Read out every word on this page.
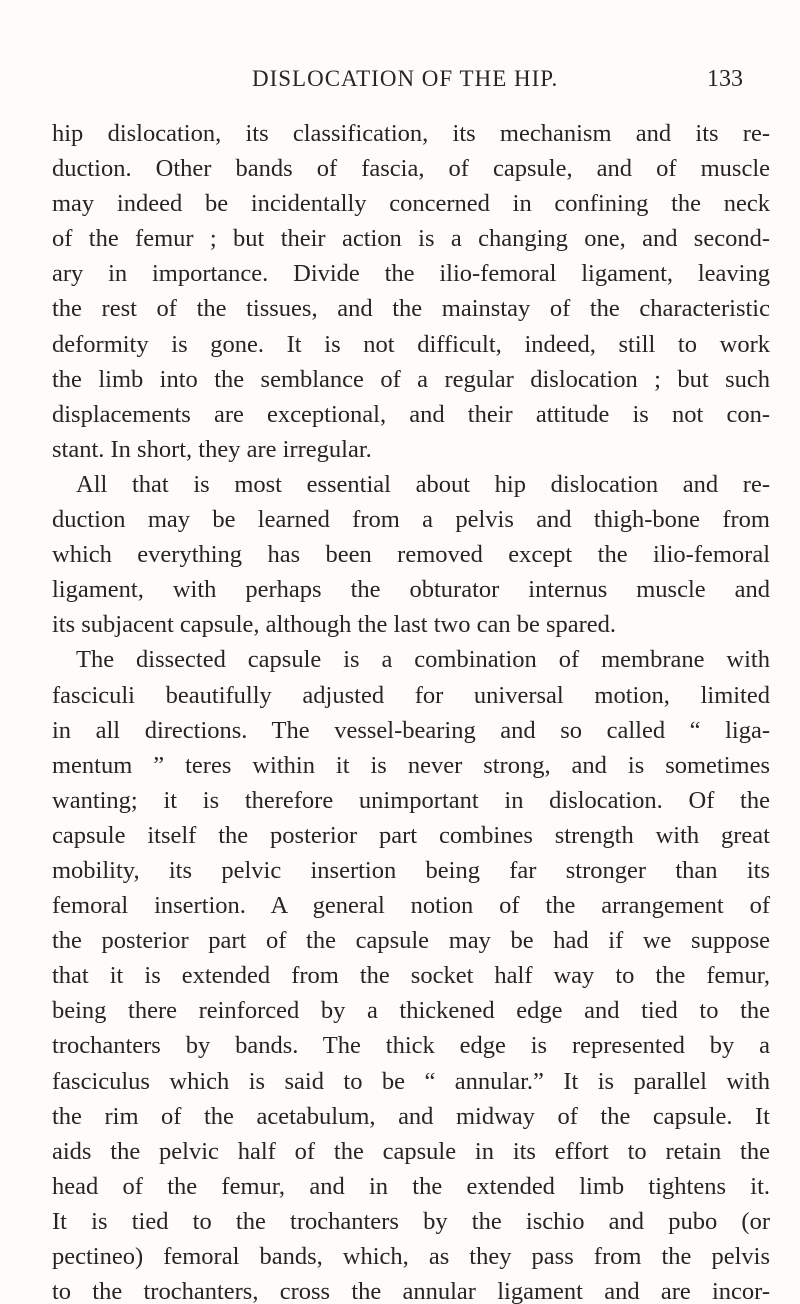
DISLOCATION OF THE HIP.	133
hip dislocation, its classification, its mechanism and its re-
duction. Other bands of fascia, of capsule, and of muscle
may indeed be incidentally concerned in confining the neck
of the femur ; but their action is a changing one, and second-
ary in importance. Divide the ilio-femoral ligament, leaving
the rest of the tissues, and the mainstay of the characteristic
deformity is gone. It is not difficult, indeed, still to work
the limb into the semblance of a regular dislocation ; but such
displacements are exceptional, and their attitude is not con-
stant. In short, they are irregular.
All that is most essential about hip dislocation and re-
duction may be learned from a pelvis and thigh-bone from
which everything has been removed except the ilio-femoral
ligament, with perhaps the obturator internus muscle and
its subjacent capsule, although the last two can be spared.
The dissected capsule is a combination of membrane with
fasciculi beautifully adjusted for universal motion, limited
in all directions. The vessel-bearing and so called “ liga-
mentum ” teres within it is never strong, and is sometimes
wanting; it is therefore unimportant in dislocation. Of the
capsule itself the posterior part combines strength with great
mobility, its pelvic insertion being far stronger than its
femoral insertion. A general notion of the arrangement of
the posterior part of the capsule may be had if we suppose
that it is extended from the socket half way to the femur,
being there reinforced by a thickened edge and tied to the
trochanters by bands. The thick edge is represented by a
fasciculus which is said to be “ annular.” It is parallel with
the rim of the acetabulum, and midway of the capsule. It
aids the pelvic half of the capsule in its effort to retain the
head of the femur, and in the extended limb tightens it.
It is tied to the trochanters by the ischio and pubo (or
pectineo) femoral bands, which, as they pass from the pelvis
to the trochanters, cross the annular ligament and are incor-
